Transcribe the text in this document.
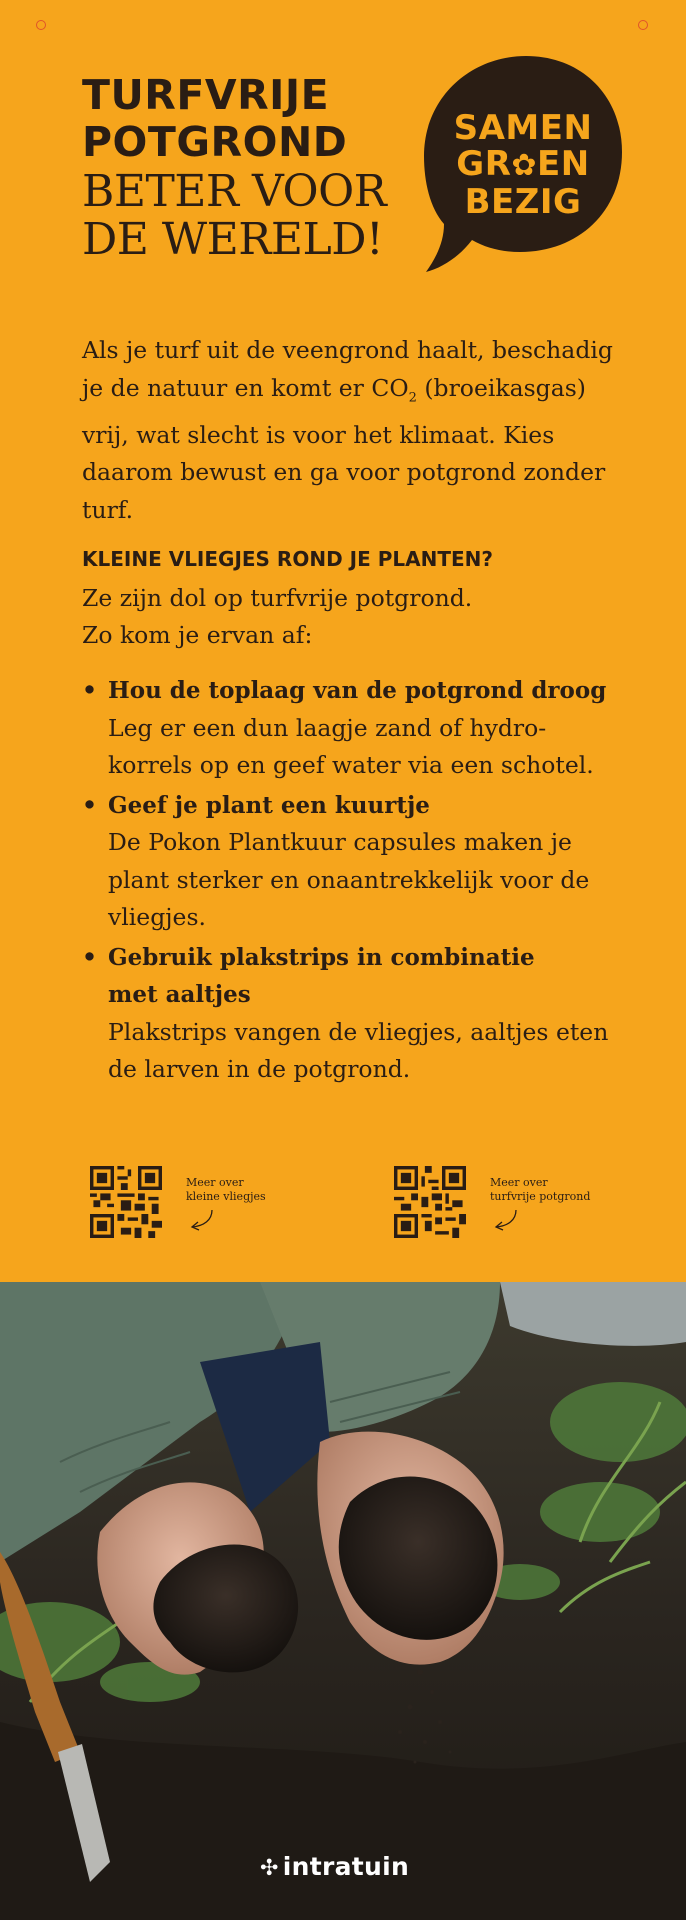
TURFVRIJE

POTGROND

BETER VOOR

DE WERELD!

SAMEN
GR✿EN
BEZIG

Als je turf uit de veengrond haalt, beschadig je de natuur en komt er $CO_2$ (broeikasgas) vrij, wat slecht is voor het klimaat. Kies daarom bewust en ga voor potgrond zonder turf.

KLEINE VLIEGJES ROND JE PLANTEN?

Ze zijn dol op turfvrije potgrond.
Zo kom je ervan af:

• Hou de toplaag van de potgrond droog
Leg er een dun laagje zand of hydrokorrels op en geef water via een schotel.
• Geef je plant een kuurtje
De Pokon Plantkuur capsules maken je plant sterker en onaantrekkelijk voor de vliegjes.
• Gebruik plakstrips in combinatie met aaltjes
Plakstrips vangen de vliegjes, aaltjes eten de larven in de potgrond.
Meer over
kleine vliegjes
Meer over
turfvrije potgrond
✣ intratuin
